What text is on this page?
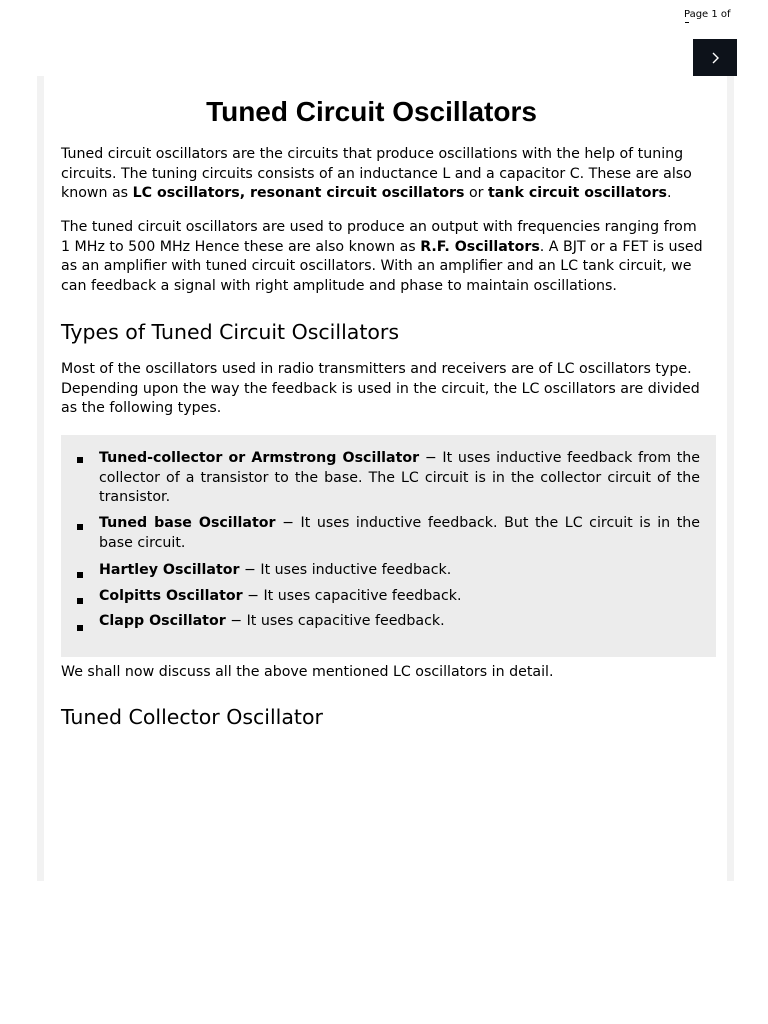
Page 1 of
Tuned Circuit Oscillators

Tuned circuit oscillators are the circuits that produce oscillations with the help of tuning circuits. The tuning circuits consists of an inductance L and a capacitor C. These are also known as LC oscillators, resonant circuit oscillators or tank circuit oscillators.

The tuned circuit oscillators are used to produce an output with frequencies ranging from 1 MHz to 500 MHz Hence these are also known as R.F. Oscillators. A BJT or a FET is used as an amplifier with tuned circuit oscillators. With an amplifier and an LC tank circuit, we can feedback a signal with right amplitude and phase to maintain oscillations.

Types of Tuned Circuit Oscillators

Most of the oscillators used in radio transmitters and receivers are of LC oscillators type. Depending upon the way the feedback is used in the circuit, the LC oscillators are divided as the following types.

We shall now discuss all the above mentioned LC oscillators in detail.

Tuned Collector Oscillator
Tuned-collector or Armstrong Oscillator − It uses inductive feedback from the collector of a transistor to the base. The LC circuit is in the collector circuit of the transistor.
Tuned base Oscillator − It uses inductive feedback. But the LC circuit is in the base circuit.
Hartley Oscillator − It uses inductive feedback.
Colpitts Oscillator − It uses capacitive feedback.
Clapp Oscillator − It uses capacitive feedback.
